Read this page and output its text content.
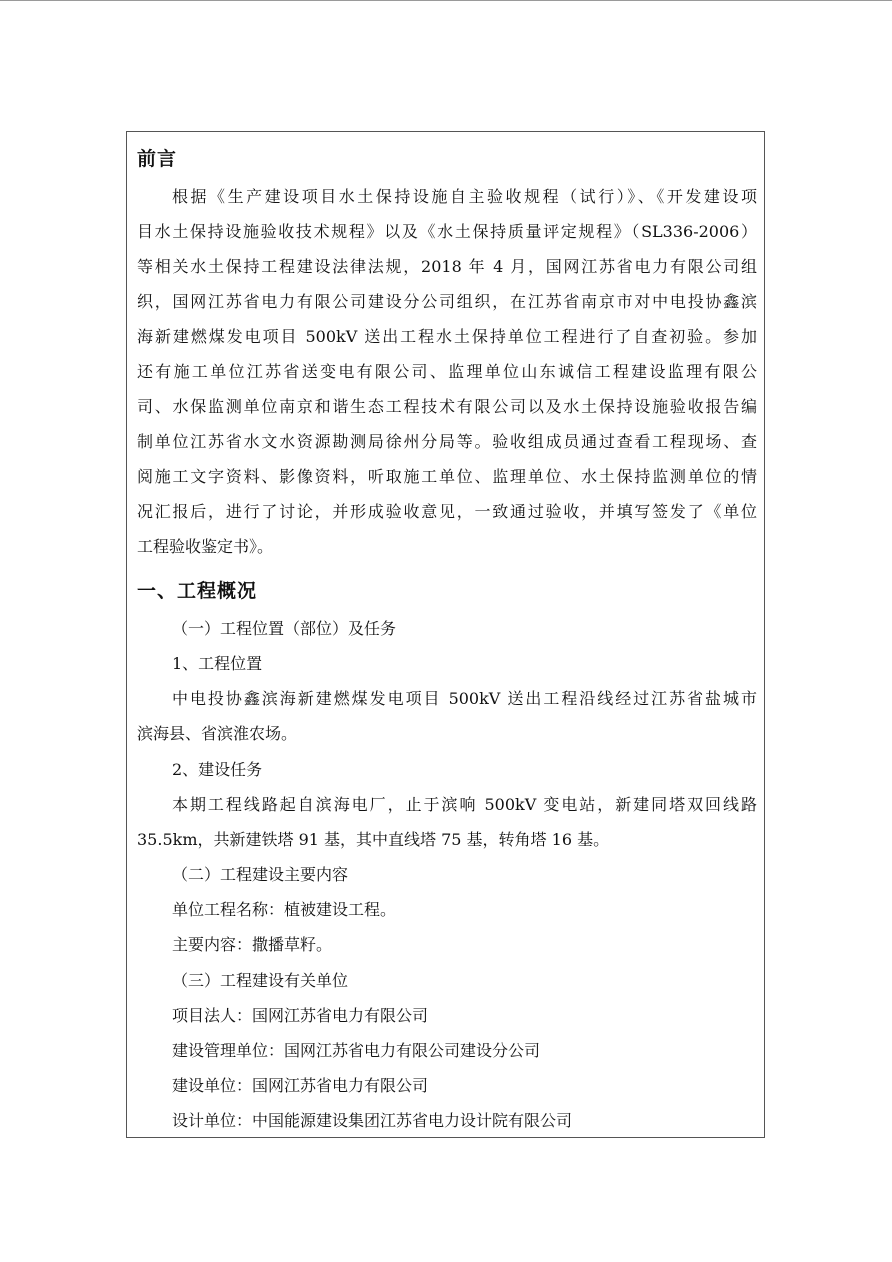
前言
根据《生产建设项目水土保持设施自主验收规程（试行）》、《开发建设项
目水土保持设施验收技术规程》以及《水土保持质量评定规程》（SL336-2006）
等相关水土保持工程建设法律法规，2018 年 4 月，国网江苏省电力有限公司组
织，国网江苏省电力有限公司建设分公司组织，在江苏省南京市对中电投协鑫滨
海新建燃煤发电项目 500kV 送出工程水土保持单位工程进行了自查初验。参加
还有施工单位江苏省送变电有限公司、监理单位山东诚信工程建设监理有限公
司、水保监测单位南京和谐生态工程技术有限公司以及水土保持设施验收报告编
制单位江苏省水文水资源勘测局徐州分局等。验收组成员通过查看工程现场、查
阅施工文字资料、影像资料，听取施工单位、监理单位、水土保持监测单位的情
况汇报后，进行了讨论，并形成验收意见，一致通过验收，并填写签发了《单位
工程验收鉴定书》。
一、工程概况
（一）工程位置（部位）及任务
1、工程位置
中电投协鑫滨海新建燃煤发电项目 500kV 送出工程沿线经过江苏省盐城市
滨海县、省滨淮农场。
2、建设任务
本期工程线路起自滨海电厂，止于滨响 500kV 变电站，新建同塔双回线路
35.5km，共新建铁塔 91 基，其中直线塔 75 基，转角塔 16 基。
（二）工程建设主要内容
单位工程名称：植被建设工程。
主要内容：撒播草籽。
（三）工程建设有关单位
项目法人：国网江苏省电力有限公司
建设管理单位：国网江苏省电力有限公司建设分公司
建设单位：国网江苏省电力有限公司
设计单位：中国能源建设集团江苏省电力设计院有限公司
